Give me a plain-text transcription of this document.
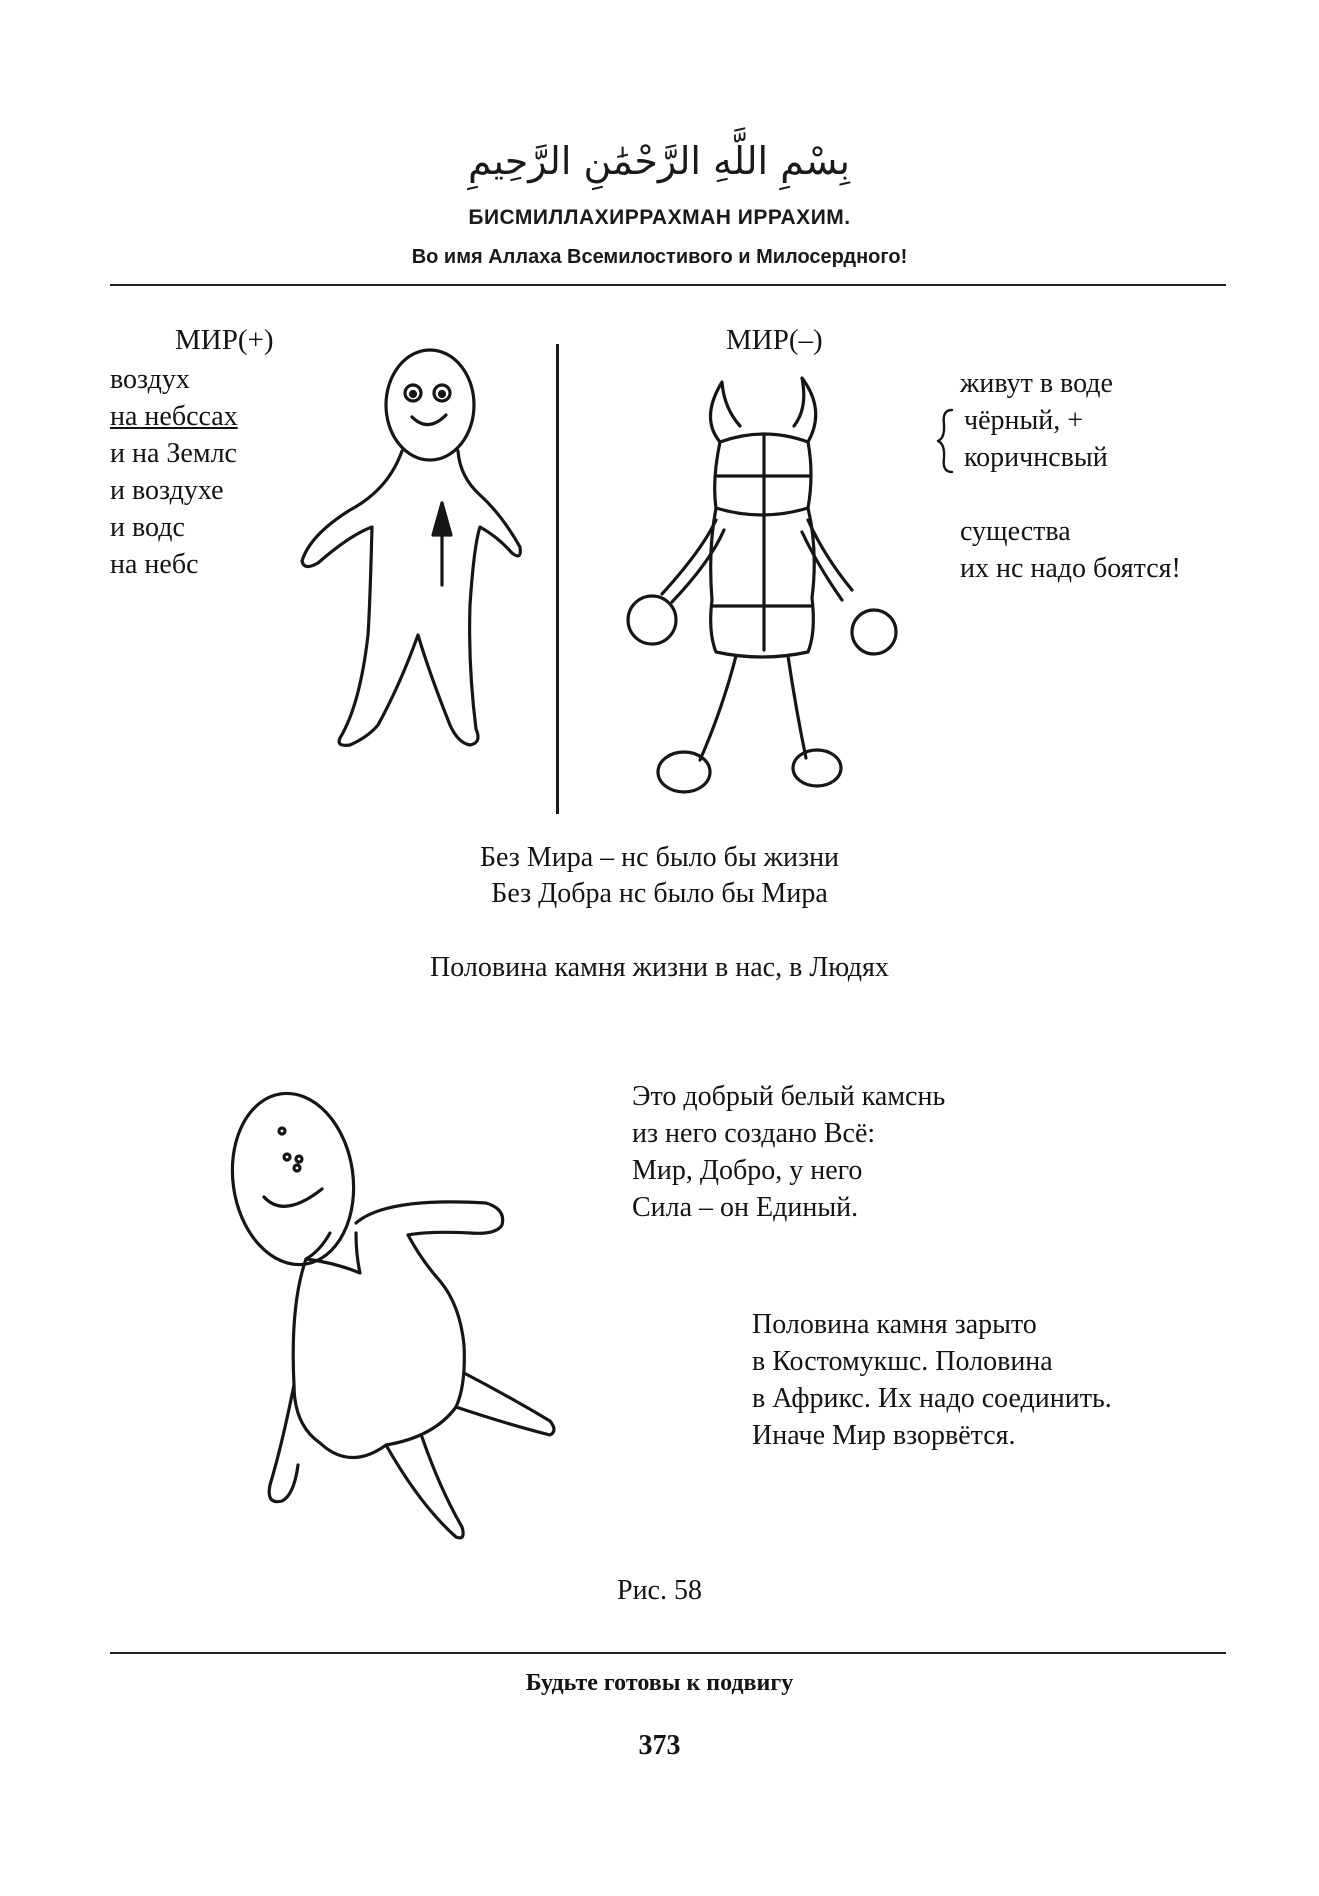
بِسْمِ اللَّهِ الرَّحْمَٰنِ الرَّحِيمِ
БИСМИЛЛАХИРРАХМАН ИРРАХИМ.
Во имя Аллаха Всемилостивого и Милосердного!
МИР(+)
воздух
на нeбссах
и на Землc
и воздухе
и водc
на нeбс
МИР(–)
живут в водe
чёрный, +
коричнсвый
существа
их нс надо боятся!
Без Мира – нс было бы жизни
Без Добра нс было бы Мира
Половина камня жизни в нас, в Людях
Это добрый белый камснь
из нeго создано Всё:
Мир, Добро, у нeго
Сила – он Единый.
Половина камня зарыто
в Костомукшс. Половина
в Африкс. Их надо соединить.
Иначe Мир взорвётся.
Рис. 58
Будьте готовы к подвигу
373
